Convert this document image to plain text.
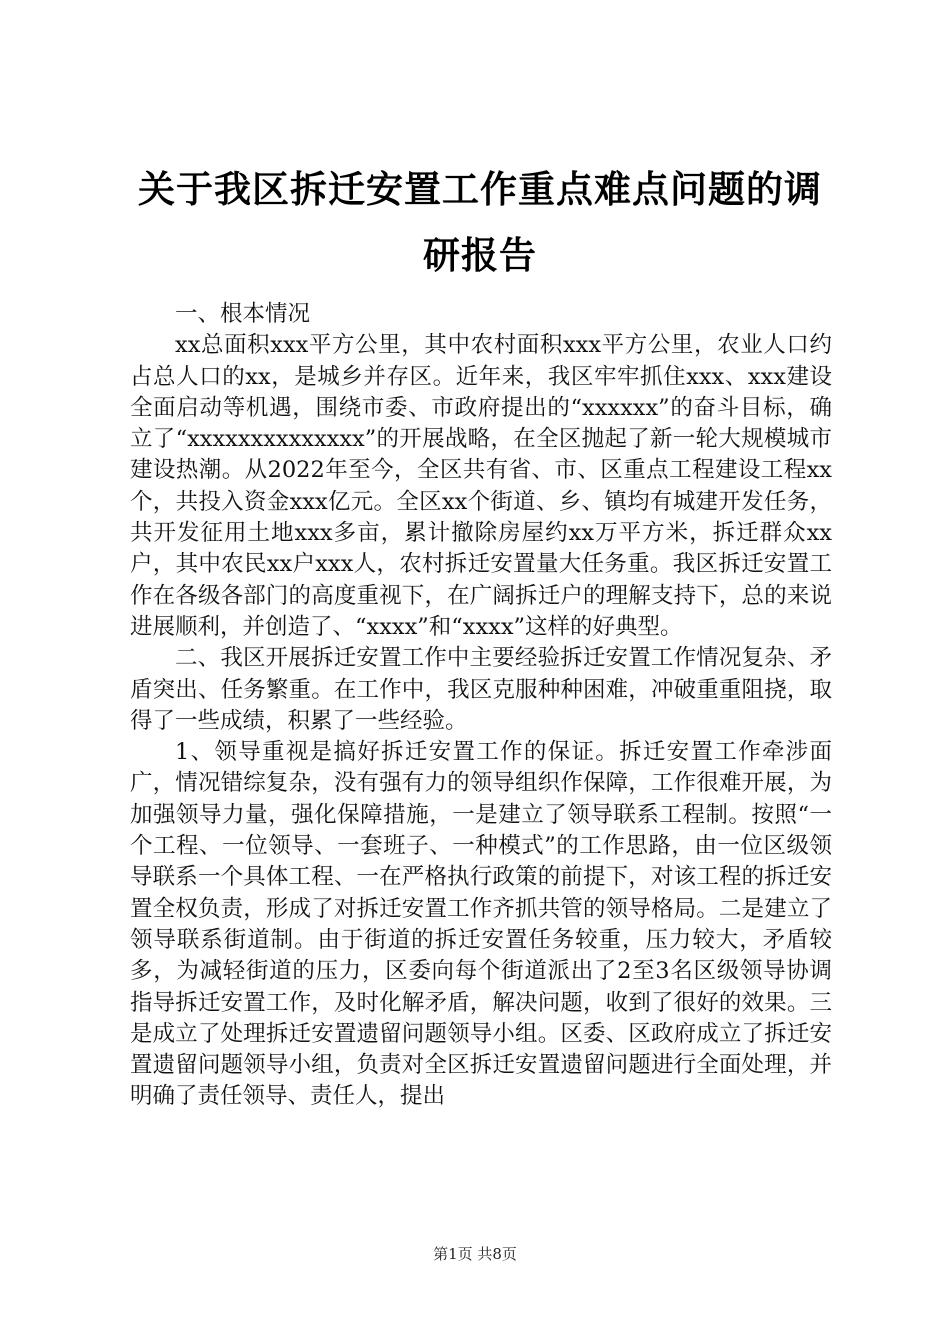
关于我区拆迁安置工作重点难点问题的调研报告

一、根本情况

xx总面积xxx平方公里，其中农村面积xxx平方公里，农业人口约占总人口的xx，是城乡并存区。近年来，我区牢牢抓住xxx、xxx建设全面启动等机遇，围绕市委、市政府提出的“xxxxxx”的奋斗目标，确立了“xxxxxxxxxxxxxx”的开展战略，在全区抛起了新一轮大规模城市建设热潮。从2022年至今，全区共有省、市、区重点工程建设工程xx个，共投入资金xxx亿元。全区xx个街道、乡、镇均有城建开发任务，共开发征用土地xxx多亩，累计撤除房屋约xx万平方米，拆迁群众xx户，其中农民xx户xxx人，农村拆迁安置量大任务重。我区拆迁安置工作在各级各部门的高度重视下，在广阔拆迁户的理解支持下，总的来说进展顺利，并创造了、“xxxx”和“xxxx”这样的好典型。

二、我区开展拆迁安置工作中主要经验拆迁安置工作情况复杂、矛盾突出、任务繁重。在工作中，我区克服种种困难，冲破重重阻挠，取得了一些成绩，积累了一些经验。

1、领导重视是搞好拆迁安置工作的保证。拆迁安置工作牵涉面广，情况错综复杂，没有强有力的领导组织作保障，工作很难开展，为加强领导力量，强化保障措施，一是建立了领导联系工程制。按照“一个工程、一位领导、一套班子、一种模式”的工作思路，由一位区级领导联系一个具体工程、一在严格执行政策的前提下，对该工程的拆迁安置全权负责，形成了对拆迁安置工作齐抓共管的领导格局。二是建立了领导联系街道制。由于街道的拆迁安置任务较重，压力较大，矛盾较多，为减轻街道的压力，区委向每个街道派出了2至3名区级领导协调指导拆迁安置工作，及时化解矛盾，解决问题，收到了很好的效果。三是成立了处理拆迁安置遗留问题领导小组。区委、区政府成立了拆迁安置遗留问题领导小组，负责对全区拆迁安置遗留问题进行全面处理，并明确了责任领导、责任人，提出

第1页 共8页
